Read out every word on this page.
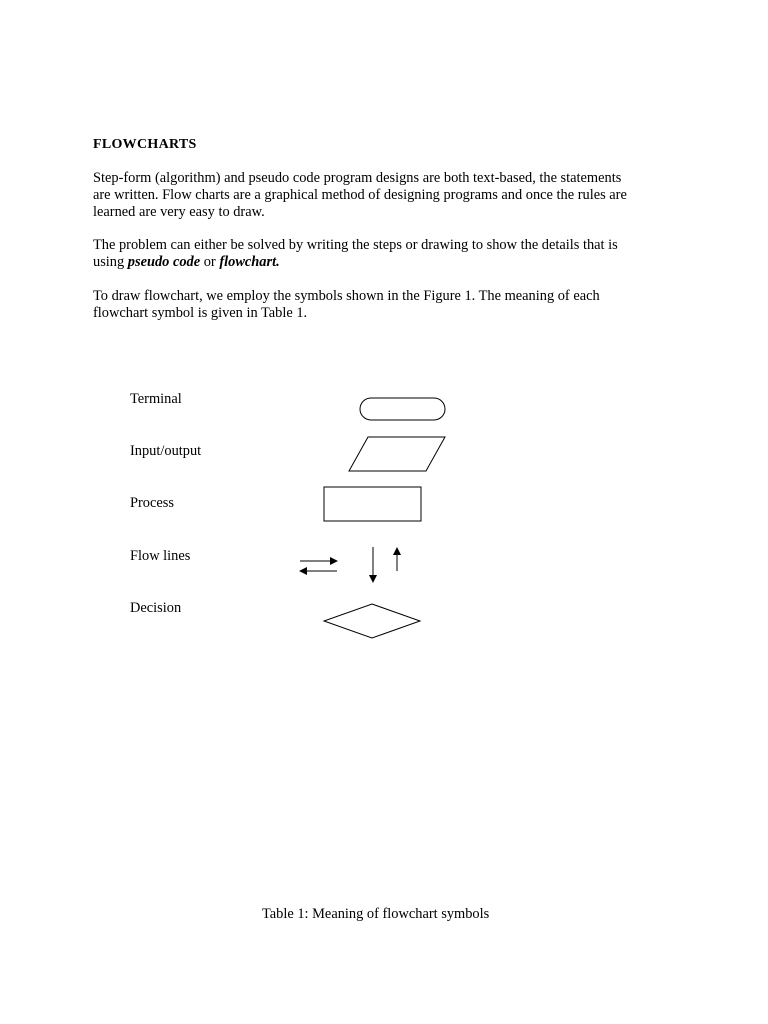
FLOWCHARTS
Step-form (algorithm) and pseudo code program designs are both text-based, the statements
are written. Flow charts are a graphical method of designing programs and once the rules are
learned are very easy to draw.
The problem can either be solved by writing the steps or drawing to show the details that is
using pseudo code or flowchart.
To draw flowchart, we employ the symbols shown in the Figure 1. The meaning of each
flowchart symbol is given in Table 1.
Terminal
Input/output
Process
Flow lines
Decision
Table 1: Meaning of flowchart symbols
